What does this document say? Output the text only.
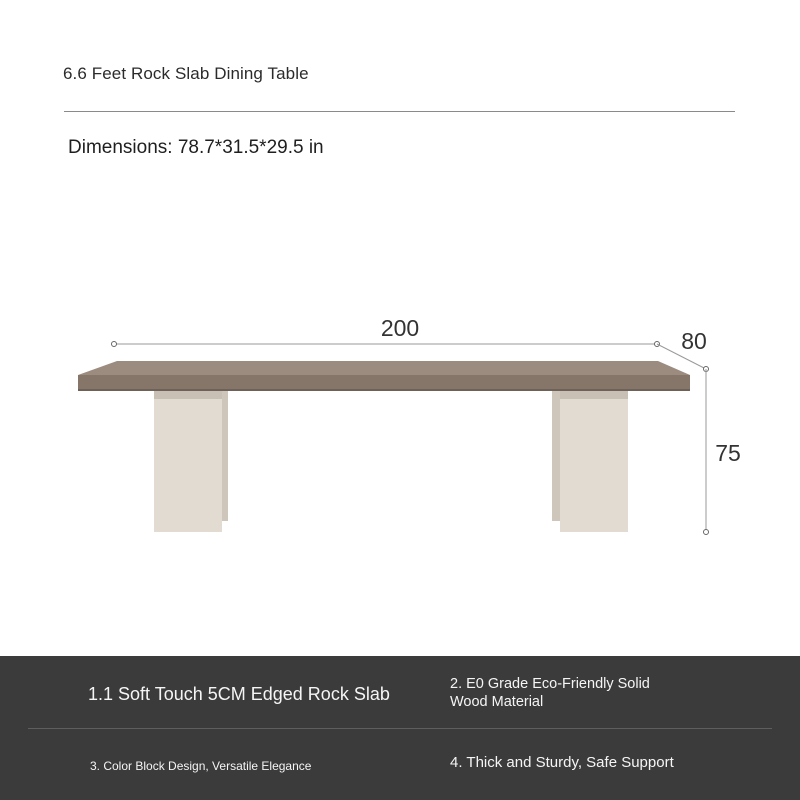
6.6 Feet Rock Slab Dining Table
Dimensions: 78.7*31.5*29.5 in
200	80
75
1.1 Soft Touch 5CM Edged Rock Slab	2. E0 Grade Eco-Friendly Solid
Wood Material
3. Color Block Design, Versatile Elegance	4. Thick and Sturdy, Safe Support
